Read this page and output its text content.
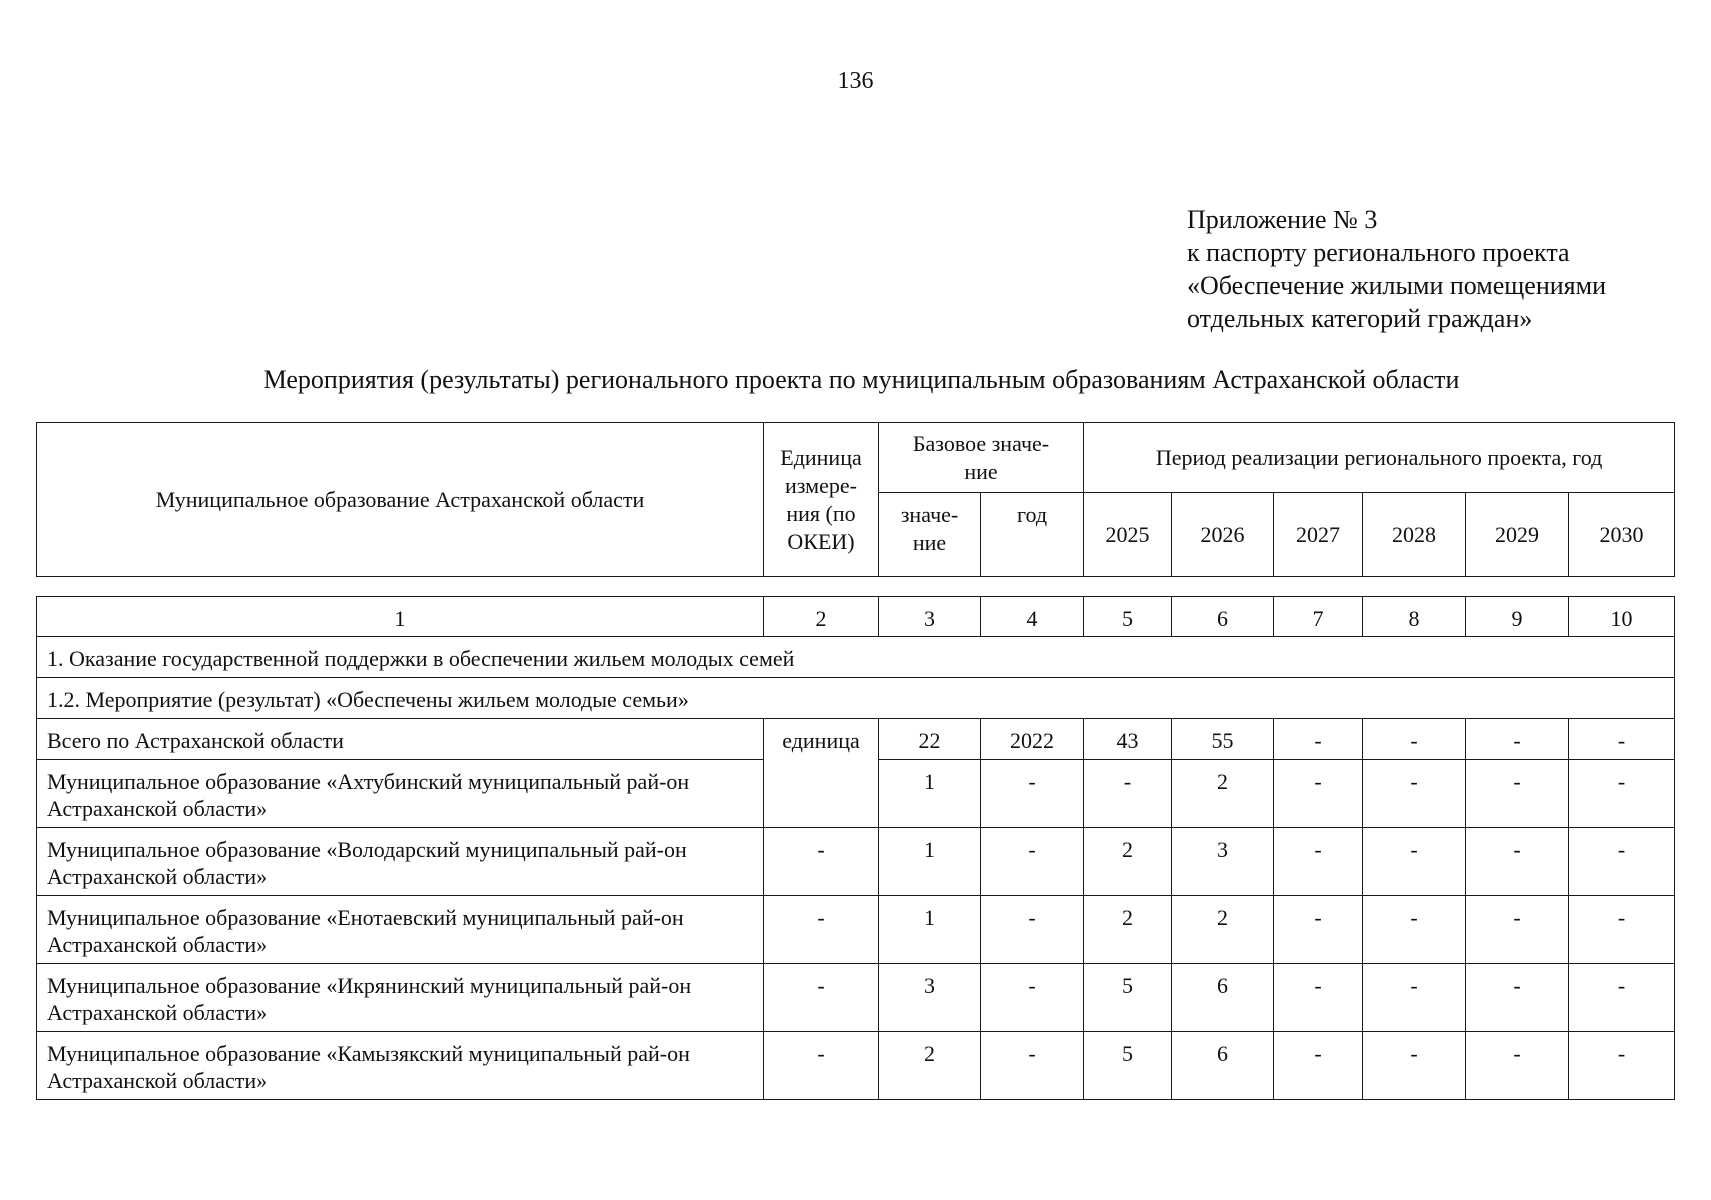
136
Приложение № 3
к паспорту регионального проекта
«Обеспечение жилыми помещениями
отдельных категорий граждан»
Мероприятия (результаты) регионального проекта по муниципальным образованиям Астраханской области
Муниципальное образование Астраханской области	Единица измере-ния (по ОКЕИ)	Базовое значе-ние		Период реализации регионального проекта, год					
		значе-ние	год	2025	2026	2027	2028	2029	2030
1	2	3	4	5	6	7	8	9	10
1. Оказание государственной поддержки в обеспечении жильем молодых семей									
1.2. Мероприятие (результат) «Обеспечены жильем молодые семьи»									
Всего по Астраханской области	единица	22	2022	43	55	-	-	-	-
Муниципальное образование «Ахтубинский муниципальный рай-он Астраханской области»		1	-	-	2	-	-	-	-
Муниципальное образование «Володарский муниципальный рай-он Астраханской области»	-	1	-	2	3	-	-	-	-
Муниципальное образование «Енотаевский муниципальный рай-он Астраханской области»	-	1	-	2	2	-	-	-	-
Муниципальное образование «Икрянинский муниципальный рай-он Астраханской области»	-	3	-	5	6	-	-	-	-
Муниципальное образование «Камызякский муниципальный рай-он Астраханской области»	-	2	-	5	6	-	-	-	-
